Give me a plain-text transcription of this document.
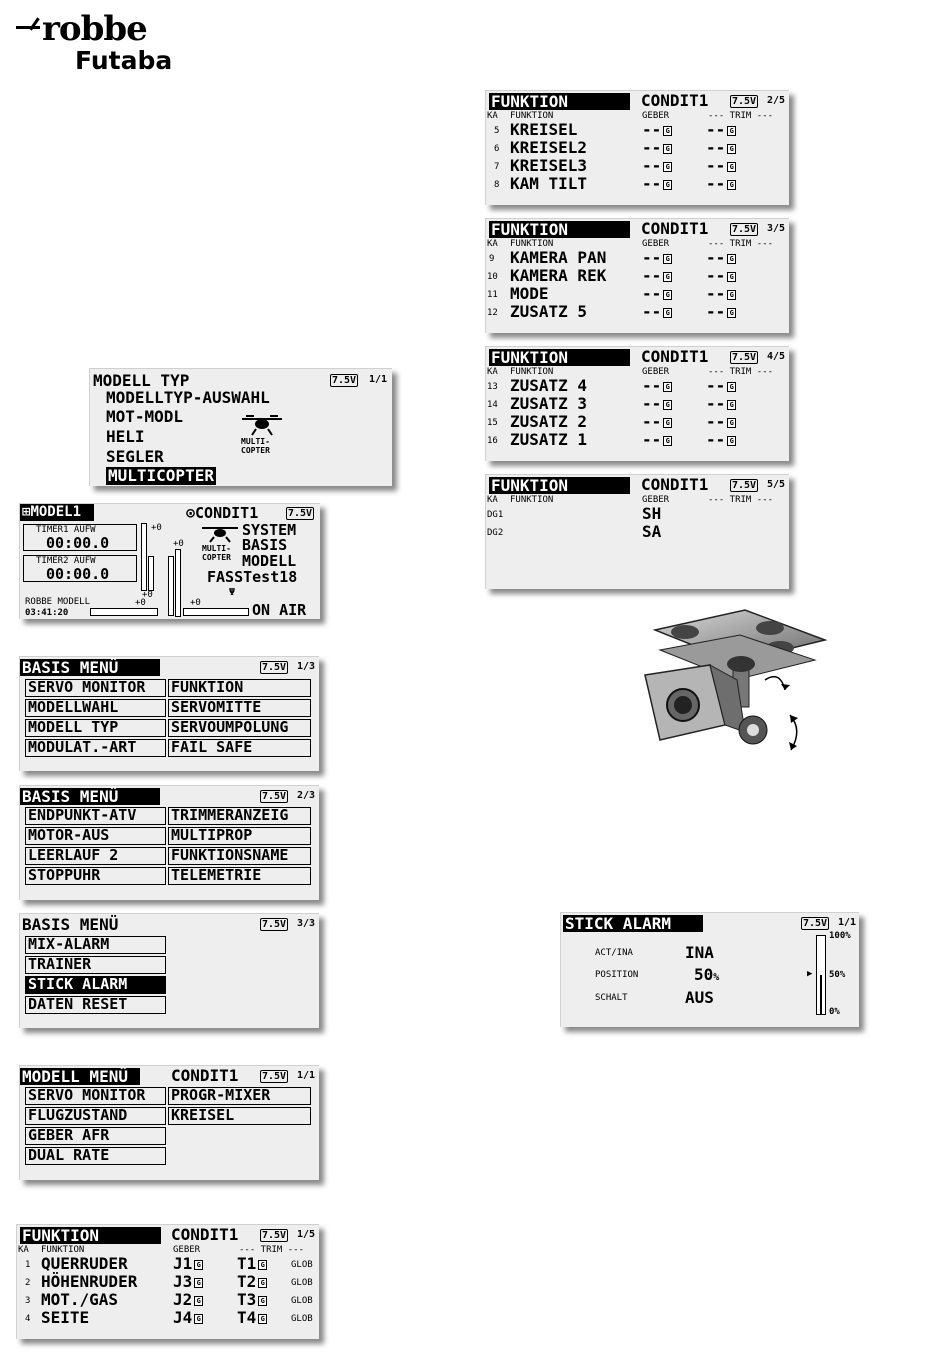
robbe
Futaba
MODELL TYP	7.5V 1/1
MODELLTYP-AUSWAHL
MOT-MODL
HELI
SEGLER
MULTICOPTER
MULTI-
COPTER
⊞MODEL1	⊙CONDIT1	7.5V
TIMER1 AUFW
00:00.0
TIMER2 AUFW
00:00.0
ROBBE MODELL
03:41:20
+0
+0
+0
+0	+0
MULTI-
COPTER
SYSTEM
BASIS
MODELL
FASSTest18
Ψ
ON AIR
BASIS MENÜ	7.5V 1/3
SERVO MONITOR
MODELLWAHL
MODELL TYP
MODULAT.-ART
FUNKTION
SERVOMITTE
SERVOUMPOLUNG
FAIL SAFE
BASIS MENÜ	7.5V 2/3
ENDPUNKT-ATV
MOTOR-AUS
LEERLAUF 2
STOPPUHR
TRIMMERANZEIG
MULTIPROP
FUNKTIONSNAME
TELEMETRIE
BASIS MENÜ	7.5V 3/3
MIX-ALARM
TRAINER
STICK ALARM
DATEN RESET
MODELL MENÜ	CONDIT1 7.5V 1/1
SERVO MONITOR
FLUGZUSTAND
GEBER AFR
DUAL RATE
PROGR-MIXER
KREISEL
FUNKTION	CONDIT1 7.5V 1/5
KA FUNKTION	GEBER	--- TRIM ---
1 QUERRUDER	J1 G T1 G	GLOB
2 HÖHENRUDER J3 G T2 G	GLOB
3 MOT./GAS	J2 G T3 G	GLOB
4 SEITE	J4 G T4 G	GLOB
FUNKTION	CONDIT1 7.5V 2/5
KA FUNKTION	GEBER	--- TRIM ---
5 KREISEL	-- G -- G
6 KREISEL2	-- G -- G
7 KREISEL3	-- G -- G
8 KAM TILT	-- G -- G
FUNKTION	CONDIT1 7.5V 3/5
KA FUNKTION	GEBER	--- TRIM ---
9 KAMERA PAN -- G -- G
10 KAMERA REK -- G -- G
11 MODE	-- G -- G
12 ZUSATZ 5	-- G -- G
FUNKTION	CONDIT1 7.5V 4/5
KA FUNKTION	GEBER	--- TRIM ---
13 ZUSATZ 4	-- G -- G
14 ZUSATZ 3	-- G -- G
15 ZUSATZ 2	-- G -- G
16 ZUSATZ 1	-- G -- G
FUNKTION	CONDIT1 7.5V 5/5
KA FUNKTION	GEBER	--- TRIM ---
DG1	SH
DG2	SA
STICK ALARM	7.5V 1/1
ACT/INA	INA
POSITION	50%
SCHALT	AUS
▶
100%
50%
0%
